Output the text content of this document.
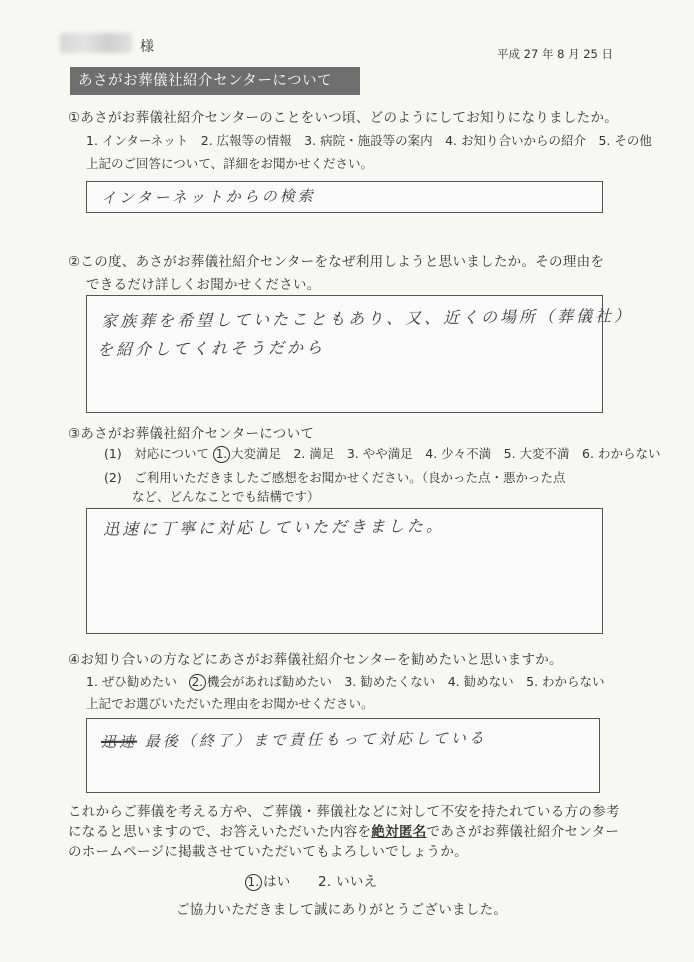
様	平成 27 年 8 月 25 日
あさがお葬儀社紹介センターについて
①あさがお葬儀社紹介センターのことをいつ頃、どのようにしてお知りになりましたか。
1. インターネット　2. 広報等の情報　3. 病院・施設等の案内　4. お知り合いからの紹介　5. その他
上記のご回答について、詳細をお聞かせください。
インターネットからの検索
②この度、あさがお葬儀社紹介センターをなぜ利用しようと思いましたか。その理由を
できるだけ詳しくお聞かせください。
家族葬を希望していたこともあり、又、近くの場所（葬儀社）
を紹介してくれそうだから
③あさがお葬儀社紹介センターについて
(1)　対応について 1. 大変満足　2. 満足　3. やや満足　4. 少々不満　5. 大変不満　6. わからない
(2)　ご利用いただきましたご感想をお聞かせください。（良かった点・悪かった点
など、どんなことでも結構です）
迅速に丁寧に対応していただきました。
④お知り合いの方などにあさがお葬儀社紹介センターを勧めたいと思いますか。
1. ぜひ勧めたい 2. 機会があれば勧めたい　3. 勧めたくない　4. 勧めない　5. わからない
上記でお選びいただいた理由をお聞かせください。
迅速 最後（終了）まで責任もって対応している
これからご葬儀を考える方や、ご葬儀・葬儀社などに対して不安を持たれている方の参考
になると思いますので、お答えいただいた内容を絶対匿名であさがお葬儀社紹介センター
のホームページに掲載させていただいてもよろしいでしょうか。
1. はい 2. いいえ
ご協力いただきまして誠にありがとうございました。
